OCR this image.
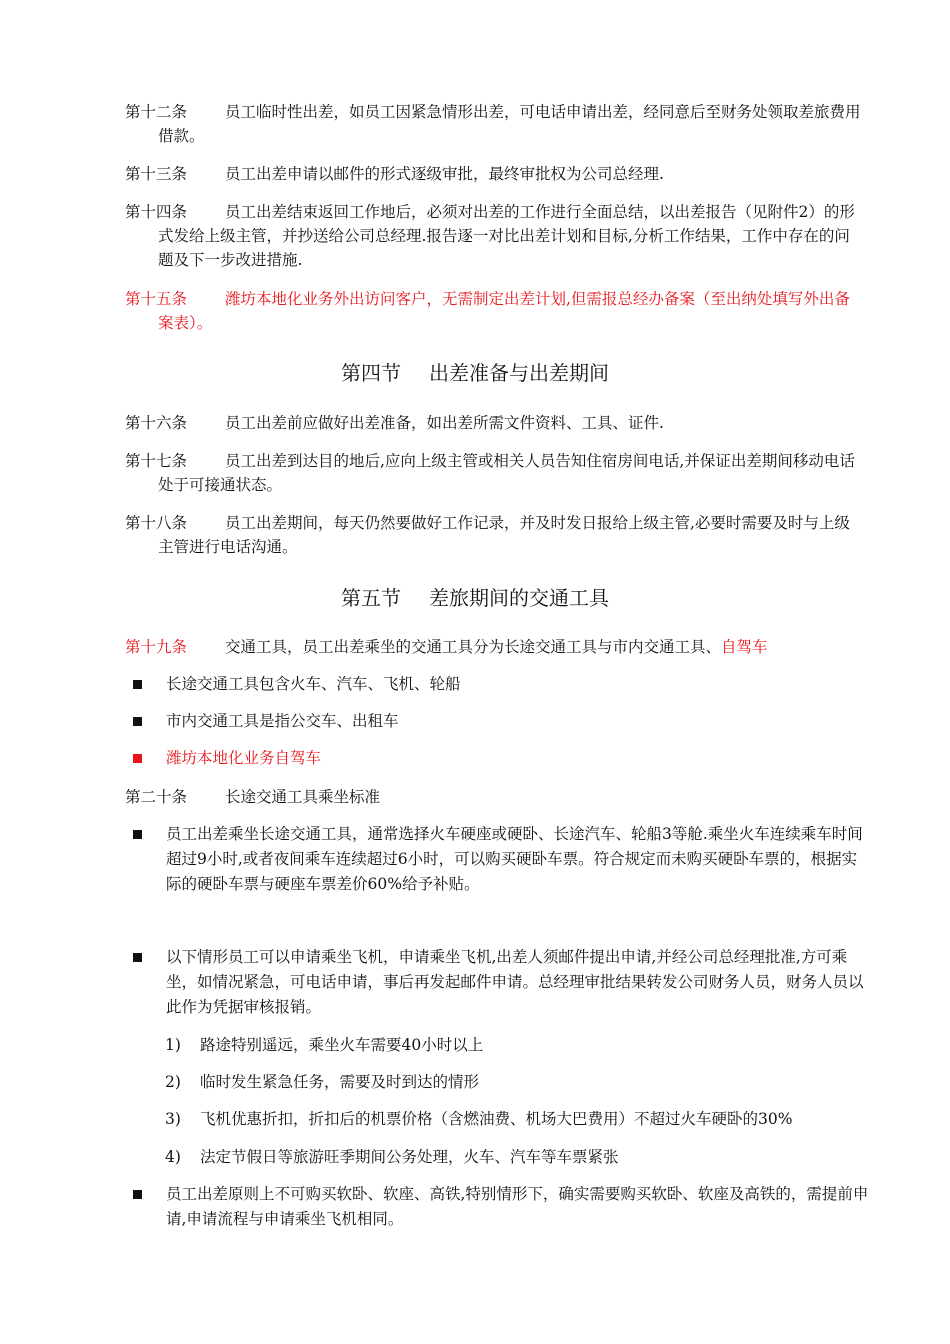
第十二条	员工临时性出差，如员工因紧急情形出差，可电话申请出差，经同意后至财务处领取差旅费用借款。
第十三条	员工出差申请以邮件的形式逐级审批，最终审批权为公司总经理.
第十四条	员工出差结束返回工作地后，必须对出差的工作进行全面总结，以出差报告（见附件2）的形式发给上级主管，并抄送给公司总经理.报告逐一对比出差计划和目标,分析工作结果，工作中存在的问题及下一步改进措施.
第十五条	潍坊本地化业务外出访问客户，无需制定出差计划,但需报总经办备案（至出纳处填写外出备案表）。
第四节 出差准备与出差期间
第十六条	员工出差前应做好出差准备，如出差所需文件资料、工具、证件.
第十七条	员工出差到达目的地后,应向上级主管或相关人员告知住宿房间电话,并保证出差期间移动电话处于可接通状态。
第十八条	员工出差期间，每天仍然要做好工作记录，并及时发日报给上级主管,必要时需要及时与上级主管进行电话沟通。
第五节 差旅期间的交通工具
第十九条	交通工具，员工出差乘坐的交通工具分为长途交通工具与市内交通工具、自驾车
长途交通工具包含火车、汽车、飞机、轮船
市内交通工具是指公交车、出租车
潍坊本地化业务自驾车
第二十条	长途交通工具乘坐标准
员工出差乘坐长途交通工具，通常选择火车硬座或硬卧、长途汽车、轮船3等舱.乘坐火车连续乘车时间超过9小时,或者夜间乘车连续超过6小时，可以购买硬卧车票。符合规定而未购买硬卧车票的，根据实际的硬卧车票与硬座车票差价60%给予补贴。
以下情形员工可以申请乘坐飞机，申请乘坐飞机,出差人须邮件提出申请,并经公司总经理批准,方可乘坐，如情况紧急，可电话申请，事后再发起邮件申请。总经理审批结果转发公司财务人员，财务人员以此作为凭据审核报销。
1)	路途特别遥远，乘坐火车需要40小时以上
2)	临时发生紧急任务，需要及时到达的情形
3)	飞机优惠折扣，折扣后的机票价格（含燃油费、机场大巴费用）不超过火车硬卧的30%
4)	法定节假日等旅游旺季期间公务处理，火车、汽车等车票紧张
员工出差原则上不可购买软卧、软座、高铁,特别情形下，确实需要购买软卧、软座及高铁的，需提前申请,申请流程与申请乘坐飞机相同。
